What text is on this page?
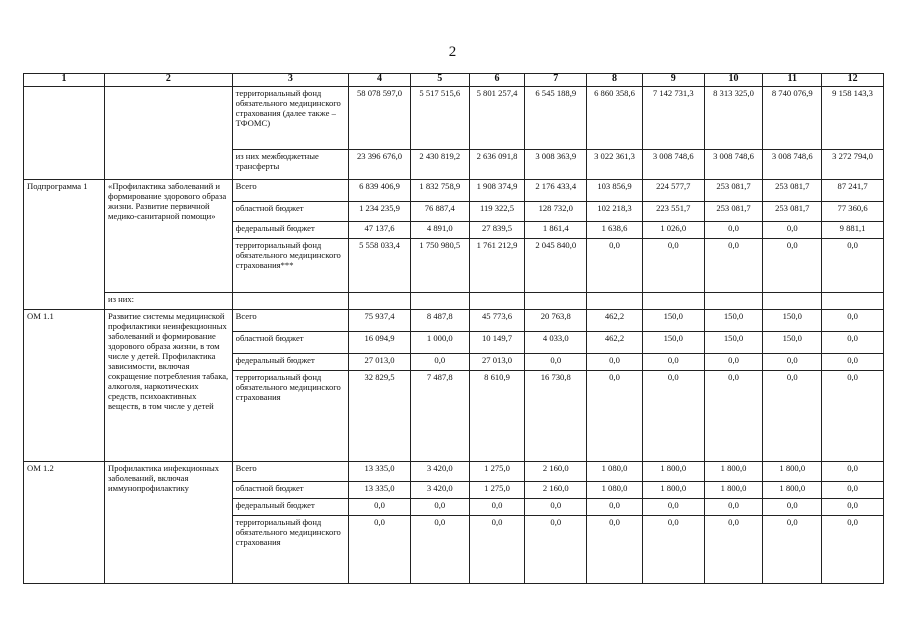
2
1	2	3	4	5	6	7	8	9	10	11	12
		территориальный фонд обязательного медицинского страхования (далее также – ТФОМС)	58 078 597,0	5 517 515,6	5 801 257,4	6 545 188,9	6 860 358,6	7 142 731,3	8 313 325,0	8 740 076,9	9 158 143,3
		из них межбюджетные трансферты	23 396 676,0	2 430 819,2	2 636 091,8	3 008 363,9	3 022 361,3	3 008 748,6	3 008 748,6	3 008 748,6	3 272 794,0
Подпрограмма 1	«Профилактика заболеваний и формирование здорового образа жизни. Развитие первичной медико-санитарной помощи»	Всего	6 839 406,9	1 832 758,9	1 908 374,9	2 176 433,4	103 856,9	224 577,7	253 081,7	253 081,7	87 241,7
		областной бюджет	1 234 235,9	76 887,4	119 322,5	128 732,0	102 218,3	223 551,7	253 081,7	253 081,7	77 360,6
		федеральный бюджет	47 137,6	4 891,0	27 839,5	1 861,4	1 638,6	1 026,0	0,0	0,0	9 881,1
		территориальный фонд обязательного медицинского страхования***	5 558 033,4	1 750 980,5	1 761 212,9	2 045 840,0	0,0	0,0	0,0	0,0	0,0
	из них:										
ОМ 1.1	Развитие системы медицинской профилактики неинфекционных заболеваний и формирование здорового образа жизни, в том числе у детей. Профилактика зависимости, включая сокращение потребления табака, алкоголя, наркотических средств, психоактивных веществ, в том числе у детей	Всего	75 937,4	8 487,8	45 773,6	20 763,8	462,2	150,0	150,0	150,0	0,0
		областной бюджет	16 094,9	1 000,0	10 149,7	4 033,0	462,2	150,0	150,0	150,0	0,0
		федеральный бюджет	27 013,0	0,0	27 013,0	0,0	0,0	0,0	0,0	0,0	0,0
		территориальный фонд обязательного медицинского страхования	32 829,5	7 487,8	8 610,9	16 730,8	0,0	0,0	0,0	0,0	0,0
ОМ 1.2	Профилактика инфекционных заболеваний, включая иммунопрофилактику	Всего	13 335,0	3 420,0	1 275,0	2 160,0	1 080,0	1 800,0	1 800,0	1 800,0	0,0
		областной бюджет	13 335,0	3 420,0	1 275,0	2 160,0	1 080,0	1 800,0	1 800,0	1 800,0	0,0
		федеральный бюджет	0,0	0,0	0,0	0,0	0,0	0,0	0,0	0,0	0,0
		территориальный фонд обязательного медицинского страхования	0,0	0,0	0,0	0,0	0,0	0,0	0,0	0,0	0,0
